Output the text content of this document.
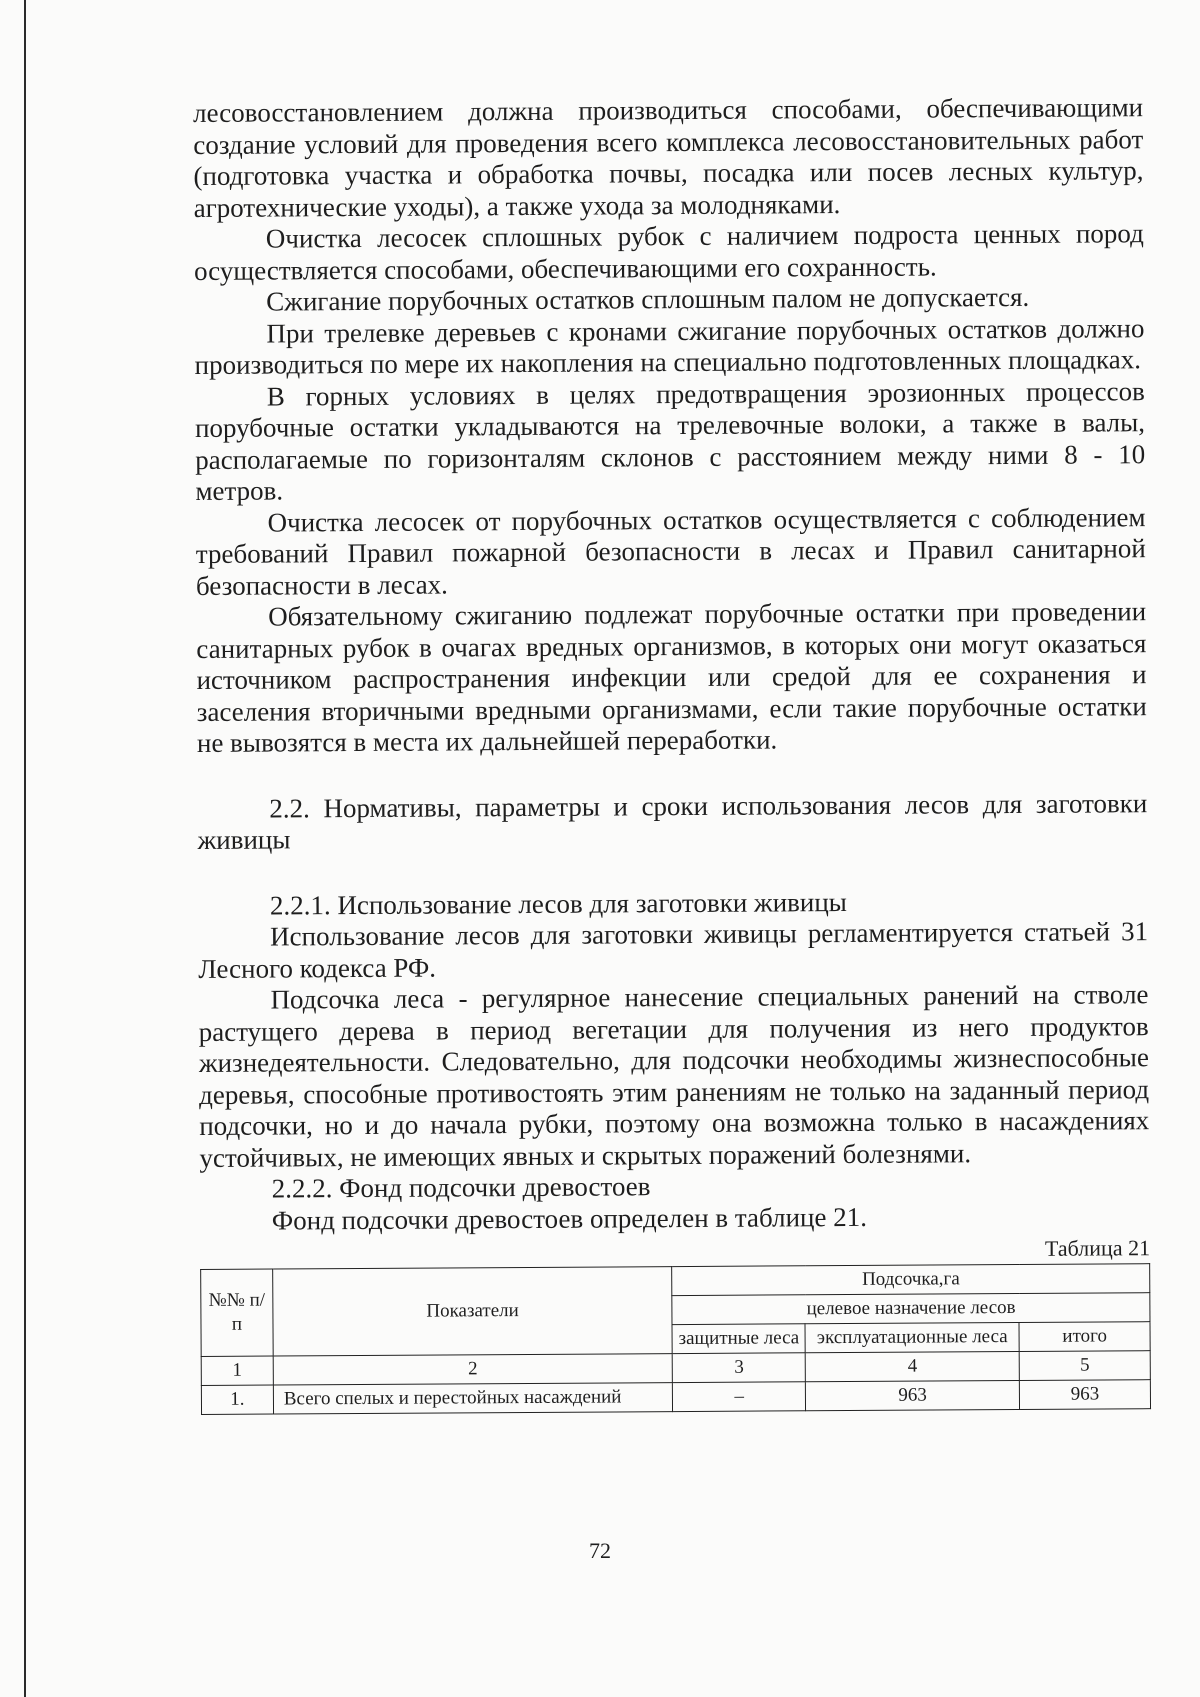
лесовосстановлением должна производиться способами, обеспечивающими создание условий для проведения всего комплекса лесовосстановительных работ (подготовка участка и обработка почвы, посадка или посев лесных культур, агротехнические уходы), а также ухода за молодняками.

Очистка лесосек сплошных рубок с наличием подроста ценных пород осуществляется способами, обеспечивающими его сохранность.

Сжигание порубочных остатков сплошным палом не допускается.

При трелевке деревьев с кронами сжигание порубочных остатков должно производиться по мере их накопления на специально подготовленных площадках.

В горных условиях в целях предотвращения эрозионных процессов порубочные остатки укладываются на трелевочные волоки, а также в валы, располагаемые по горизонталям склонов с расстоянием между ними 8 - 10 метров.

Очистка лесосек от порубочных остатков осуществляется с соблюдением требований Правил пожарной безопасности в лесах и Правил санитарной безопасности в лесах.

Обязательному сжиганию подлежат порубочные остатки при проведении санитарных рубок в очагах вредных организмов, в которых они могут оказаться источником распространения инфекции или средой для ее сохранения и заселения вторичными вредными организмами, если такие порубочные остатки не вывозятся в места их дальнейшей переработки.

2.2. Нормативы, параметры и сроки использования лесов для заготовки живицы

2.2.1. Использование лесов для заготовки живицы

Использование лесов для заготовки живицы регламентируется статьей 31 Лесного кодекса РФ.

Подсочка леса - регулярное нанесение специальных ранений на стволе растущего дерева в период вегетации для получения из него продуктов жизнедеятельности. Следовательно, для подсочки необходимы жизнеспособные деревья, способные противостоять этим ранениям не только на заданный период подсочки, но и до начала рубки, поэтому она возможна только в насаждениях устойчивых, не имеющих явных и скрытых поражений болезнями.

2.2.2. Фонд подсочки древостоев

Фонд подсочки древостоев определен в таблице 21.

Таблица 21
№№ п/п	Показатели	Подсочка,га		
		целевое назначение лесов		
		защитные леса	эксплуатационные леса	итого
1	2	3	4	5
1.	Всего спелых и перестойных насаждений	–	963	963
72
